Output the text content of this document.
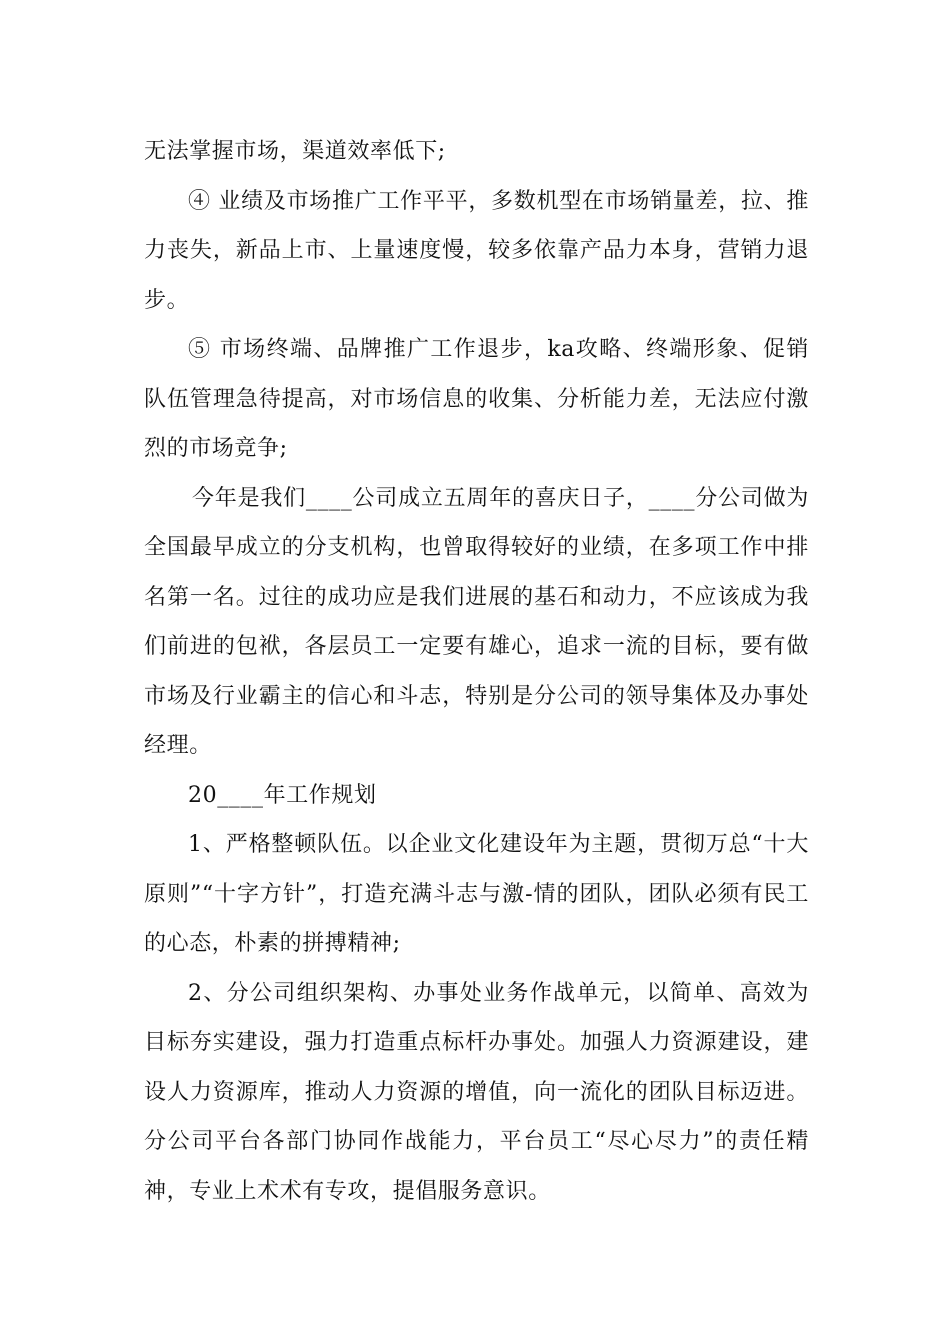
无法掌握市场，渠道效率低下;

④ 业绩及市场推广工作平平，多数机型在市场销量差，拉、推力丧失，新品上市、上量速度慢，较多依靠产品力本身，营销力退步。

⑤ 市场终端、品牌推广工作退步，ka攻略、终端形象、促销队伍管理急待提高，对市场信息的收集、分析能力差，无法应付激烈的市场竞争;

今年是我们____公司成立五周年的喜庆日子，____分公司做为全国最早成立的分支机构，也曾取得较好的业绩，在多项工作中排名第一名。过往的成功应是我们进展的基石和动力，不应该成为我们前进的包袱，各层员工一定要有雄心，追求一流的目标，要有做市场及行业霸主的信心和斗志，特别是分公司的领导集体及办事处经理。

20____年工作规划

1、严格整顿队伍。以企业文化建设年为主题，贯彻万总“十大原则”“十字方针”，打造充满斗志与激-情的团队，团队必须有民工的心态，朴素的拼搏精神;

2、分公司组织架构、办事处业务作战单元，以简单、高效为目标夯实建设，强力打造重点标杆办事处。加强人力资源建设，建设人力资源库，推动人力资源的增值，向一流化的团队目标迈进。分公司平台各部门协同作战能力，平台员工“尽心尽力”的责任精神，专业上术术有专攻，提倡服务意识。
